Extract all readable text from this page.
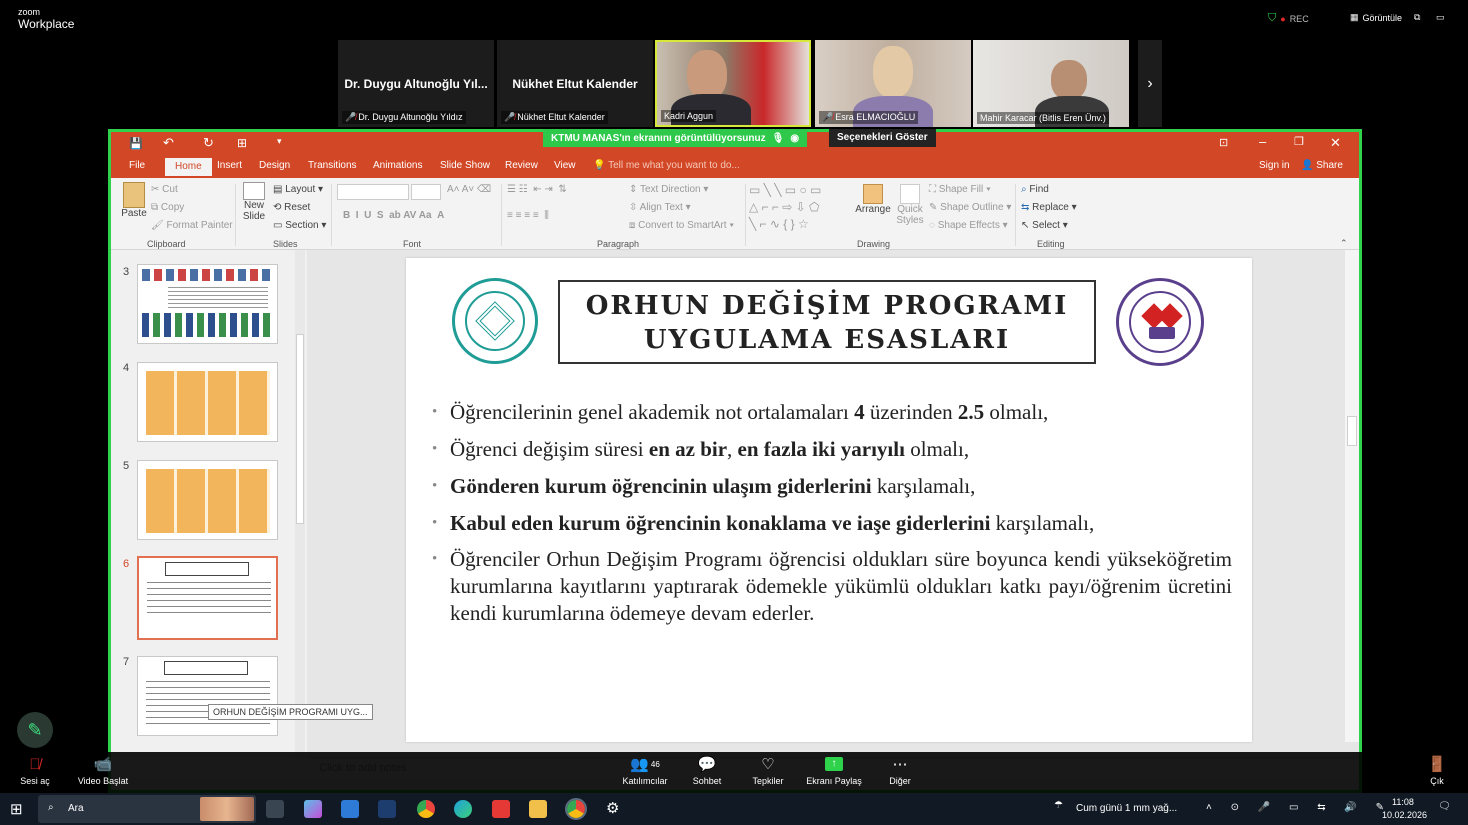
zoom
Workplace	⛉ ● REC	▦ Görüntüle ⧉ ▭
Dr. Duygu Altunoğlu Yıl...
🎤̸ Dr. Duygu Altunoğlu Yıldız
Nükhet Eltut Kalender
🎤̸ Nükhet Eltut Kalender	Kadri Aggun	🎤̸ Esra ELMACIOĞLU	Mahir Karacar (Bitlis Eren Ünv.)
›
KTMU MANAS'ın ekranını görüntülüyorsunuz 🎙 ◉	Seçenekleri Göster
💾 ↶ ↻ ⊞	▾	⊡ –	❐ ✕
File	Home	Insert Design Transitions Animations Slide Show Review View 💡 Tell me what you want to do...	Sign in 👤 Share
Paste
✂ Cut
⧉ Copy
🖌 Format Painter
Clipboard
New
Slide
▤ Layout ▾
⟲ Reset
▭ Section ▾
Slides
A˄ A˅ ⌫
B  I  U  S  ab AV Aa  A
Font
☰ ☷  ⇤ ⇥  ⇅
≡ ≡ ≡ ≡  ⫼
⇕ Text Direction ▾
⇳ Align Text ▾
⧈ Convert to SmartArt ▾
Paragraph
▭ ╲ ╲ ▭ ○ ▭
△ ⌐ ⌐ ⇨ ⇩ ⬠
╲ ⌐ ∿ { } ☆
Arrange Quick
Styles
⛶ Shape Fill ▾
✎ Shape Outline ▾
◌ Shape Effects ▾
Drawing
⌕ Find
⇆ Replace ▾
↖ Select ▾
Editing	⌃
3
4
5
6
7
ORHUN DEĞİŞİM PROGRAMI
UYGULAMA ESASLARI
• Öğrencilerinin genel akademik not ortalamaları 4 üzerinden 2.5 olmalı,
• Öğrenci değişim süresi en az bir, en fazla iki yarıyılı olmalı,
• Gönderen kurum öğrencinin ulaşım giderlerini karşılamalı,
• Kabul eden kurum öğrencinin konaklama ve iaşe giderlerini karşılamalı,
• Öğrenciler Orhun Değişim Programı öğrencisi oldukları süre boyunca kendi yükseköğretim kurumlarına kayıtlarını yaptırarak ödemekle yükümlü oldukları katkı payı/öğrenim ücretini kendi kurumlarına ödemeye devam ederler.
ORHUN DEĞİŞİM PROGRAMI UYG...
✎
🎙̸
Sesi aç
📹
Video Başlat
👥 46
Katılımcılar
💬
Sohbet
♡
Tepkiler
↑
Ekranı Paylaş
⋯
Diğer
🚪
Çık
⊞	⌕ Ara	⚙	☂ Cum günü 1 mm yağ...	˄ ⊙ 🎤 ▭ ⇆ 🔊 ✎ 11:08
10.02.2026
🗨
